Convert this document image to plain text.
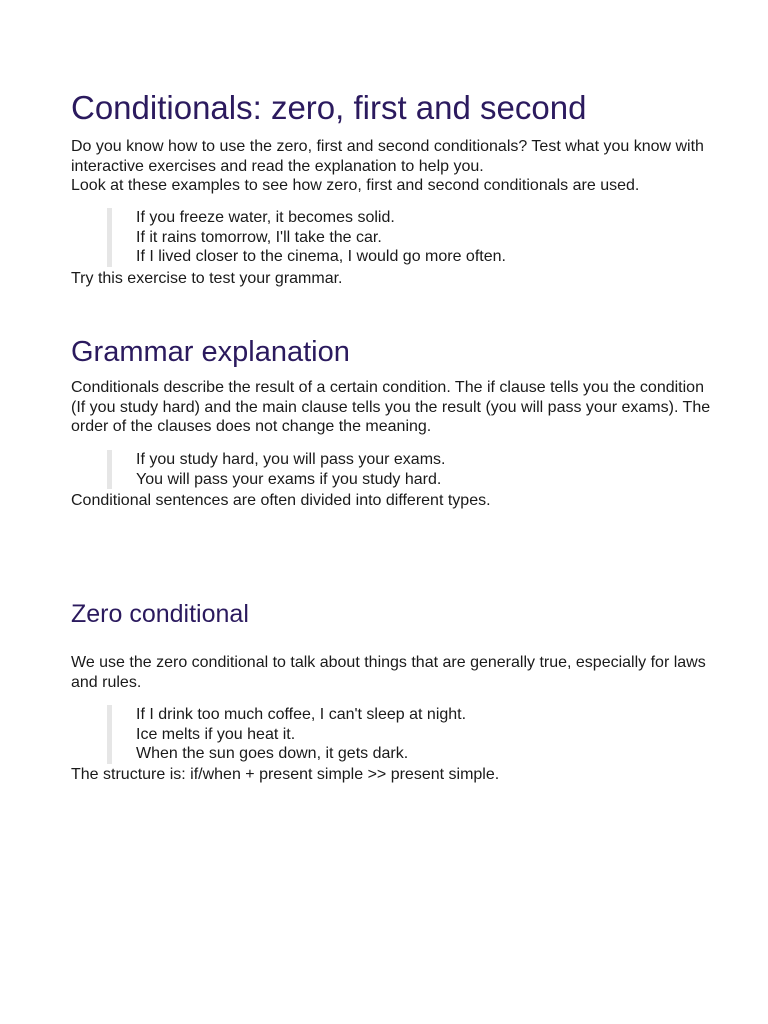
Conditionals: zero, first and second
Do you know how to use the zero, first and second conditionals? Test what you know with interactive exercises and read the explanation to help you.
Look at these examples to see how zero, first and second conditionals are used.
If you freeze water, it becomes solid.
If it rains tomorrow, I'll take the car.
If I lived closer to the cinema, I would go more often.
Try this exercise to test your grammar.
Grammar explanation
Conditionals describe the result of a certain condition. The if clause tells you the condition (If you study hard) and the main clause tells you the result (you will pass your exams). The order of the clauses does not change the meaning.
If you study hard, you will pass your exams.
You will pass your exams if you study hard.
Conditional sentences are often divided into different types.
Zero conditional
We use the zero conditional to talk about things that are generally true, especially for laws and rules.
If I drink too much coffee, I can't sleep at night.
Ice melts if you heat it.
When the sun goes down, it gets dark.
The structure is: if/when + present simple >> present simple.
